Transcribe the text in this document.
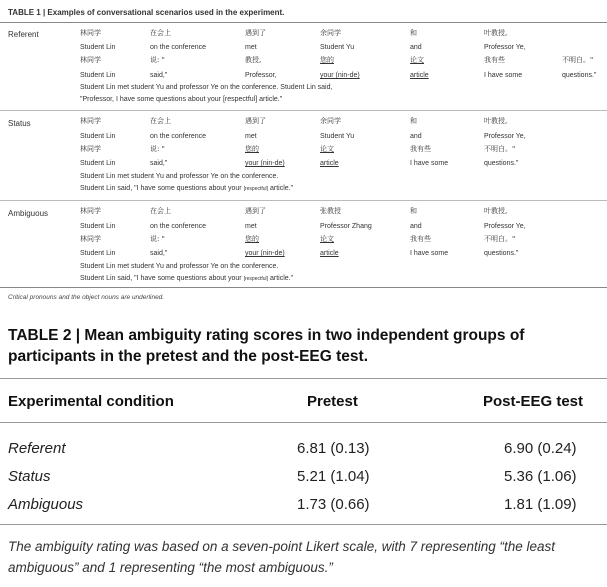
TABLE 1 | Examples of conversational scenarios used in the experiment.
Referent	林同学	在会上	遇到了	余同学	和	叶教授,
Student Lin	on the conference	met	Student Yu	and	Professor Ye,
林同学	说: "	教授,	您的	论文	我有些	不明白。"
Student Lin	said,"	Professor,	your (nin-de)	article	I have some	questions."
Student Lin met student Yu and professor Ye on the conference. Student Lin said,
"Professor, I have some questions about your [respectful] article."
Status	林同学	在会上	遇到了	余同学	和	叶教授,
Student Lin	on the conference	met	Student Yu	and	Professor Ye,
林同学	说: "	您的	论文	我有些	不明白。"
Student Lin	said,"	your (nin-de)	article	I have some	questions."
Student Lin met student Yu and professor Ye on the conference.
Student Lin said, "I have some questions about your [respectful] article."
Ambiguous	林同学	在会上	遇到了	张教授	和	叶教授,
Student Lin	on the conference	met	Professor Zhang	and	Professor Ye,
林同学	说: "	您的	论文	我有些	不明白。"
Student Lin	said,"	your (nin-de)	article	I have some	questions."
Student Lin met student Yu and professor Ye on the conference.
Student Lin said, "I have some questions about your [respectful] article."
Critical pronouns and the object nouns are underlined.
TABLE 2 | Mean ambiguity rating scores in two independent groups of participants in the pretest and the post-EEG test.
Experimental condition	Pretest	Post-EEG test
Referent	6.81 (0.13)	6.90 (0.24)
Status	5.21 (1.04)	5.36 (1.06)
Ambiguous	1.73 (0.66)	1.81 (1.09)
The ambiguity rating was based on a seven-point Likert scale, with 7 representing “the least ambiguous” and 1 representing “the most ambiguous.”
